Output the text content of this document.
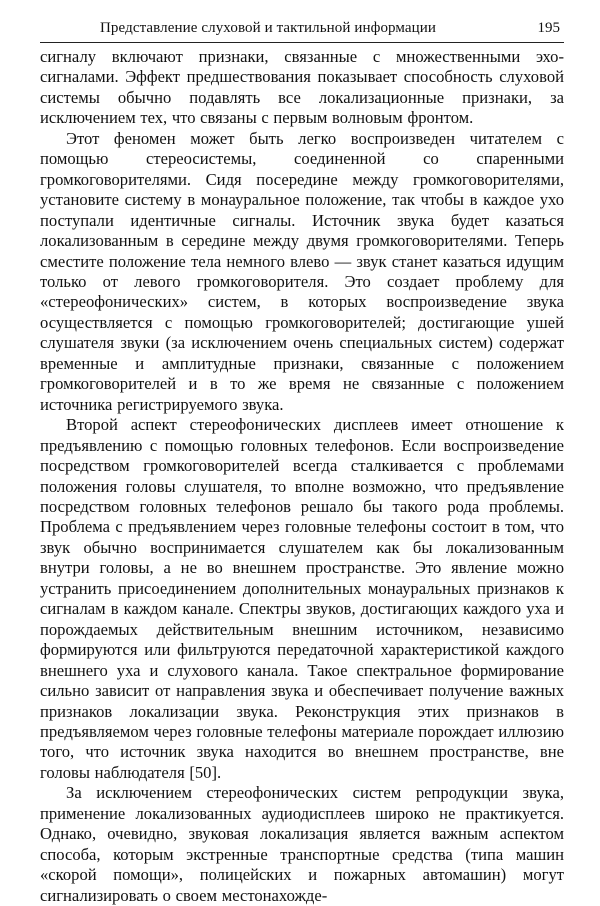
Представление слуховой и тактильной информации	195

сигналу включают признаки, связанные с множественными эхо-сигналами. Эффект предшествования показывает способность слуховой системы обычно подавлять все локализационные признаки, за исключением тех, что связаны с первым волновым фронтом.

Этот феномен может быть легко воспроизведен читателем с помощью стереосистемы, соединенной со спаренными громкоговорителями. Сидя посередине между громкоговорителями, установите систему в монауральное положение, так чтобы в каждое ухо поступали идентичные сигналы. Источник звука будет казаться локализованным в середине между двумя громкоговорителями. Теперь сместите положение тела немного влево — звук станет казаться идущим только от левого громкоговорителя. Это создает проблему для «стереофонических» систем, в которых воспроизведение звука осуществляется с помощью громкоговорителей; достигающие ушей слушателя звуки (за исключением очень специальных систем) содержат временные и амплитудные признаки, связанные с положением громкоговорителей и в то же время не связанные с положением источника регистрируемого звука.

Второй аспект стереофонических дисплеев имеет отношение к предъявлению с помощью головных телефонов. Если воспроизведение посредством громкоговорителей всегда сталкивается с проблемами положения головы слушателя, то вполне возможно, что предъявление посредством головных телефонов решало бы такого рода проблемы. Проблема с предъявлением через головные телефоны состоит в том, что звук обычно воспринимается слушателем как бы локализованным внутри головы, а не во внешнем пространстве. Это явление можно устранить присоединением дополнительных монауральных признаков к сигналам в каждом канале. Спектры звуков, достигающих каждого уха и порождаемых действительным внешним источником, независимо формируются или фильтруются передаточной характеристикой каждого внешнего уха и слухового канала. Такое спектральное формирование сильно зависит от направления звука и обеспечивает получение важных признаков локализации звука. Реконструкция этих признаков в предъявляемом через головные телефоны материале порождает иллюзию того, что источник звука находится во внешнем пространстве, вне головы наблюдателя [50].

За исключением стереофонических систем репродукции звука, применение локализованных аудиодисплеев широко не практикуется. Однако, очевидно, звуковая локализация является важным аспектом способа, которым экстренные транспортные средства (типа машин «скорой помощи», полицейских и пожарных автомашин) могут сигнализировать о своем местонахожде-
